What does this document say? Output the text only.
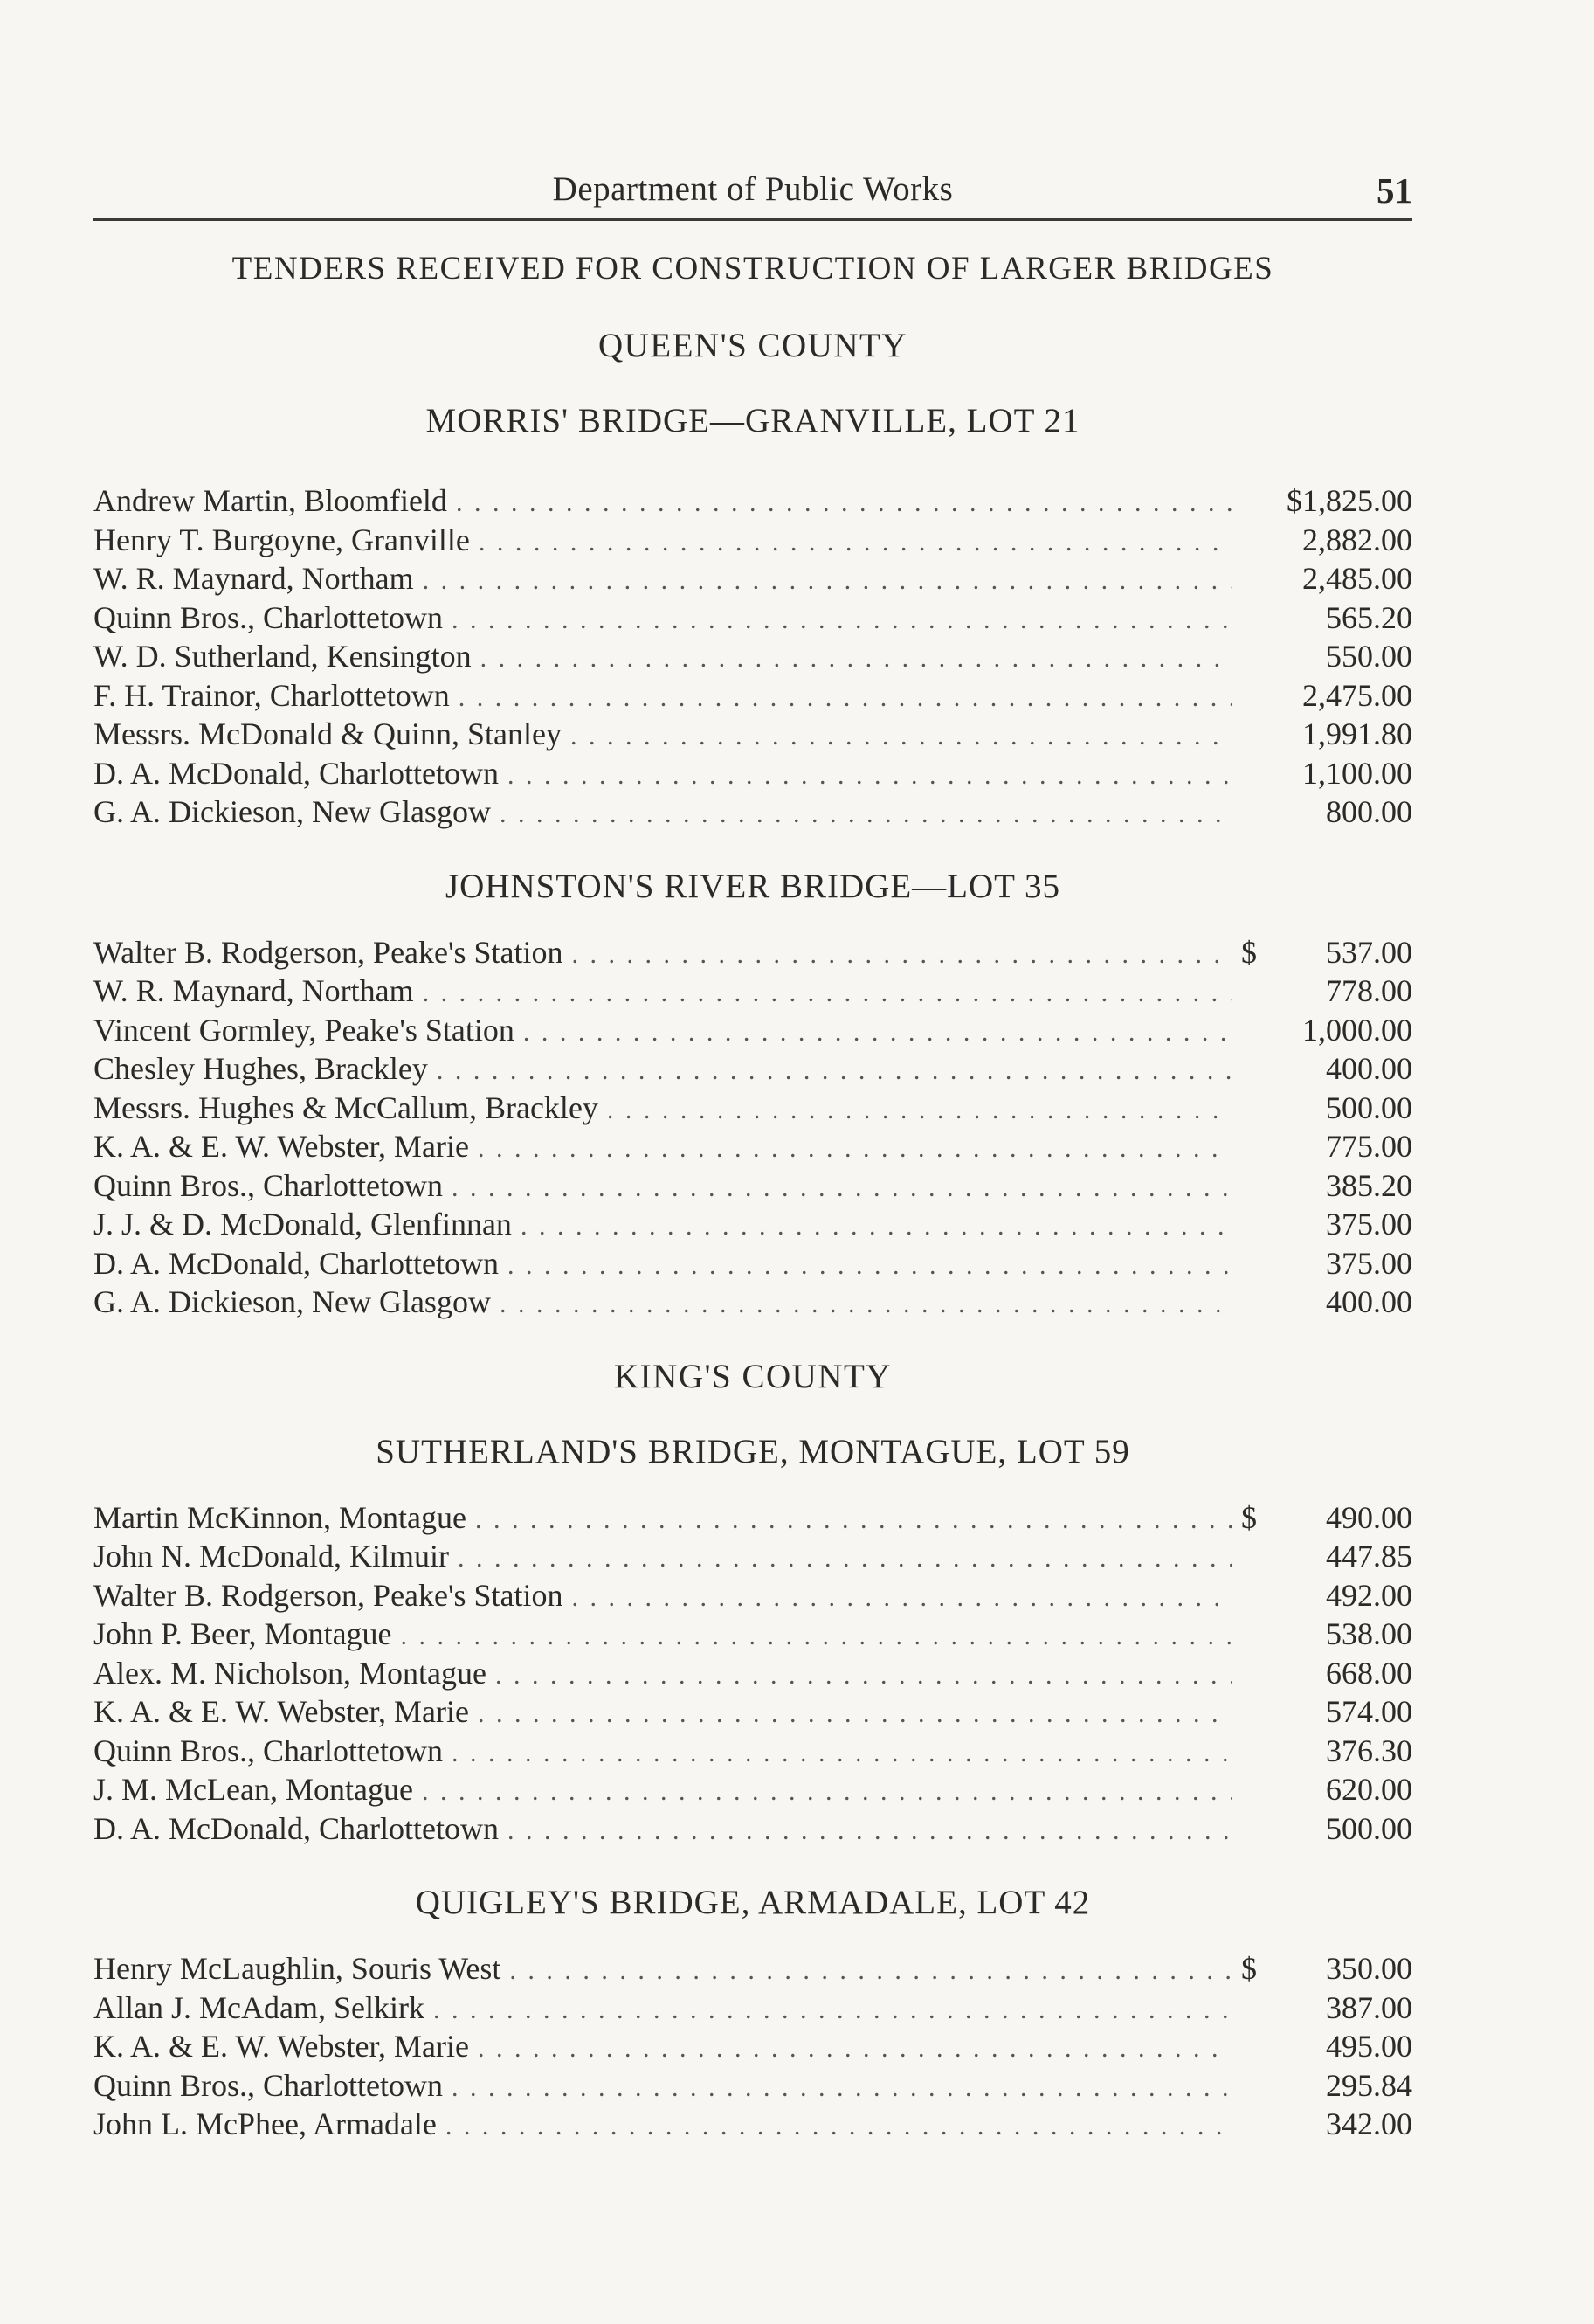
Department of Public Works	51
TENDERS RECEIVED FOR CONSTRUCTION OF LARGER BRIDGES
QUEEN'S COUNTY
MORRIS' BRIDGE—GRANVILLE, LOT 21
Andrew Martin, Bloomfield . . .	$1,825.00
Henry T. Burgoyne, Granville . . .	2,882.00
W. R. Maynard, Northam . . .	2,485.00
Quinn Bros., Charlottetown . . .	565.20
W. D. Sutherland, Kensington . . .	550.00
F. H. Trainor, Charlottetown . . .	2,475.00
Messrs. McDonald & Quinn, Stanley . . .	1,991.80
D. A. McDonald, Charlottetown . . .	1,100.00
G. A. Dickieson, New Glasgow . . .	800.00
JOHNSTON'S RIVER BRIDGE—LOT 35
Walter B. Rodgerson, Peake's Station . . .	$	537.00
W. R. Maynard, Northam . . .	778.00
Vincent Gormley, Peake's Station . . .	1,000.00
Chesley Hughes, Brackley . . .	400.00
Messrs. Hughes & McCallum, Brackley . . .	500.00
K. A. & E. W. Webster, Marie . . .	775.00
Quinn Bros., Charlottetown . . .	385.20
J. J. & D. McDonald, Glenfinnan . . .	375.00
D. A. McDonald, Charlottetown . . .	375.00
G. A. Dickieson, New Glasgow . . .	400.00
KING'S COUNTY
SUTHERLAND'S BRIDGE, MONTAGUE, LOT 59
Martin McKinnon, Montague . . .	$	490.00
John N. McDonald, Kilmuir . . .	447.85
Walter B. Rodgerson, Peake's Station . . .	492.00
John P. Beer, Montague . . .	538.00
Alex. M. Nicholson, Montague . . .	668.00
K. A. & E. W. Webster, Marie . . .	574.00
Quinn Bros., Charlottetown . . .	376.30
J. M. McLean, Montague . . .	620.00
D. A. McDonald, Charlottetown . . .	500.00
QUIGLEY'S BRIDGE, ARMADALE, LOT 42
Henry McLaughlin, Souris West . . .	$	350.00
Allan J. McAdam, Selkirk . . .	387.00
K. A. & E. W. Webster, Marie . . .	495.00
Quinn Bros., Charlottetown . . .	295.84
John L. McPhee, Armadale . . .	342.00
